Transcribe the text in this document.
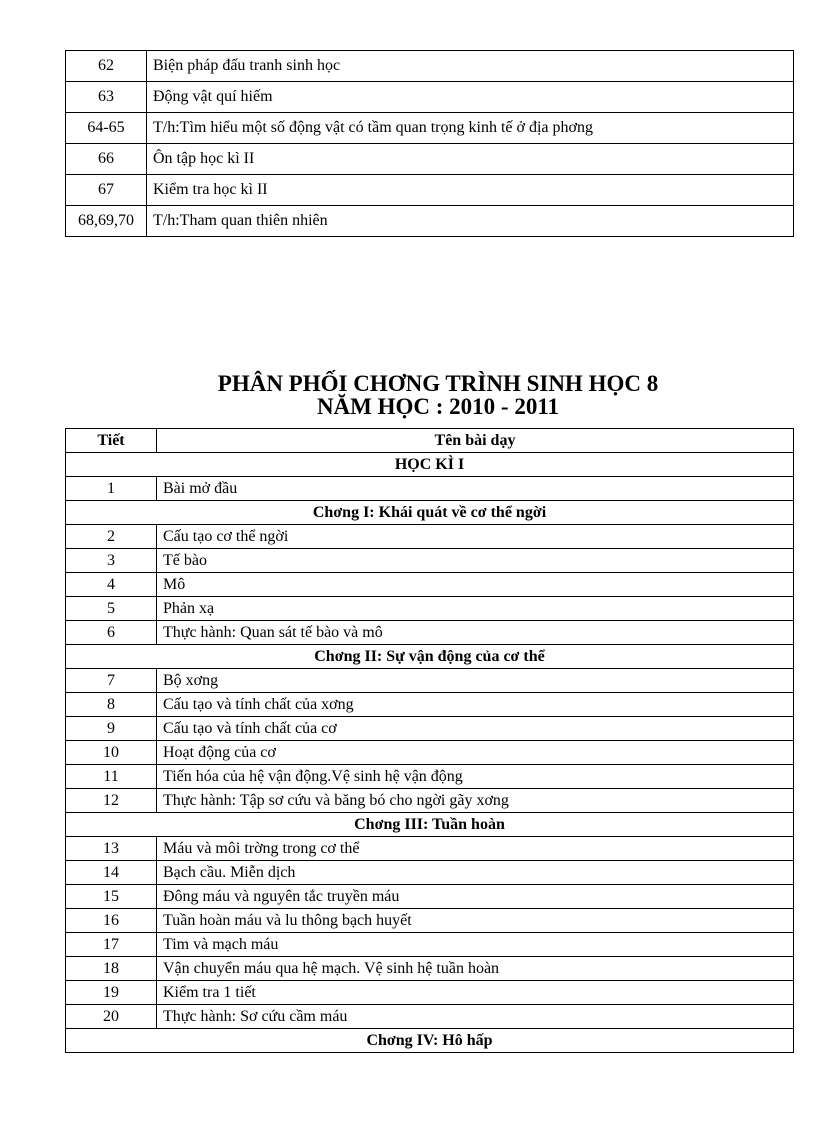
62	Biện pháp đấu tranh sinh học
63	Động vật quí hiếm
64-65	T/h:Tìm hiểu một số động vật có tầm quan trọng kinh tế ở địa phơng
66	Ôn tập học kì II
67	Kiểm tra học kì II
68,69,70	T/h:Tham quan thiên nhiên
PHÂN PHỐI CHƠNG TRÌNH SINH HỌC 8
NĂM HỌC : 2010 - 2011
Tiết	Tên bài dạy
HỌC KÌ I	
1	Bài mở đầu
Chơng I: Khái quát về cơ thể ngời	
2	Cấu tạo cơ thể ngời
3	Tế bào
4	Mô
5	Phản xạ
6	Thực hành: Quan sát tế bào và mô
Chơng II: Sự vận động của cơ thể	
7	Bộ xơng
8	Cấu tạo và tính chất của xơng
9	Cấu tạo và tính chất của cơ
10	Hoạt động của cơ
11	Tiến hóa của hệ vận động.Vệ sinh hệ vận động
12	Thực hành: Tập sơ cứu và băng bó cho ngời gãy xơng
Chơng III: Tuần hoàn	
13	Máu và môi trờng trong cơ thể
14	Bạch cầu. Miễn dịch
15	Đông máu và nguyên tắc truyền máu
16	Tuần hoàn máu và lu thông bạch huyết
17	Tim và mạch máu
18	Vận chuyển máu qua hệ mạch. Vệ sinh hệ tuần hoàn
19	Kiểm tra 1 tiết
20	Thực hành: Sơ cứu cầm máu
Chơng IV: Hô hấp	
